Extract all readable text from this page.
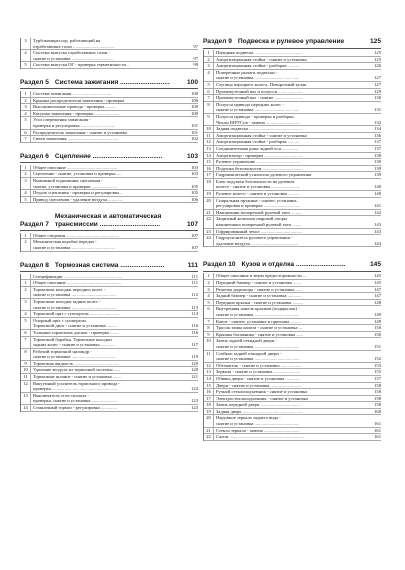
3	Турбокомпрессор, работающий на
отработавших газах ....................................	97
4	Система выпуска отработавших газов -
снятие и установка ....................................	97
5	Система выпуска ОГ - проверка герметичности ..	99
Раздел 5 Система зажигания ...........................	100
1	Система зажигания ..................................	100
2	Крышка распределителя зажигания - проверка	100
3	Высоковольтные провода - проверка .........	100
4	Катушка зажигания - проверка ......................	100
5	Угол опережения зажигания -
проверка и регулировка ..............................	101
6	Распределитель зажигания - снятие и установка	101
7	Свечи зажигания ............................................	102
Раздел 6 Сцепление ......................................	103
1	Общее описание ............................................	103
2	Сцепление - снятие, установка и проверка ....	103
3	Выжимной подшипник сцепления -
снятие, установка и проверка ......................	105
4	Педаль сцепления - проверка и регулировка ..	105
5	Привод сцепления - удаление воздуха ............	106
Раздел 7
Механическая и автоматическая
трансмиссии .................................	107
1	Общее сведения ..............................................	107
2	Механическая коробка передач -
снятие и установка ......................................	107
Раздел 8 Тормозная система ........................	111
Спецификации ...................................................	111
1	Общее описание ...............................................	111
2	Тормозные колодки передних колес -
снятие и установка .......................................	112
3	Тормозные колодки задних колес -
снятие и установка .......................................	113
4	Тормозной щит с суппортом ..........................	114
5	Опорный щит с суппортом.
Тормозной диск - снятие и установка .........	116
6	Толщина тормозных дисков - проверка .......	116
7	Тормозной барабан. Тормозные колодки
задних колес - снятие и установка .............	117
8	Рабочий тормозной цилиндр -
снятие и установка .......................................	119
9	Тормозная жидкость .......................................	120
10	Удаление воздуха из тормозной системы ......	120
11	Тормозные шланги - снятие и установка .......	121
12	Вакуумный усилитель тормозного привода -
проверка .........................................................	122
13	Выключатель стоп-сигнала -
проверка, снятие и установка ......................	123
14	Стояночный тормоз - регулировка ..............	123
Раздел 9 Подвеска и рулевое управление	125
1	Передняя подвеска ..........................................	125
2	Амортизационная стойка - снятие и установка	125
3	Амортизационная стойка - разборка ..........	126
4	Поперечные рычаги подвески -
снятие и установка .......................................	127
5	Ступица переднего колеса. Поворотный кулак	127
6	Промежуточный вал и полуоси ......................	129
7	Промежуточный вал - снятие ........................	130
8	Полуоси привода передних колес -
снятие и установка .......................................	131
9	Полуоси привода - проверка и разборка.
Чехлы ШРУСов - замена ..............................	132
10	Задняя подвеска ..............................................	134
11	Амортизационная стойка - снятие и установка	136
12	Амортизационная стойка - разборка ..........	137
13	Соединительная рама задней оси ..............	137
14	Амортизатор - проверка ..................................	138
15	Рулевое управление ......................................	139
16	Подушка безопасности ...................................	139
17	Гидравлический усилитель рулевого управления	139
18	Блок подушки безопасности на рулевом
колесе - снятие и установка .........................	140
19	Рулевое колесо - снятие и установка ..........	140
20	Спиральная пружина - снятие, установка,
регулировка и проверка ................................	141
21	Наконечник поперечной рулевой тяги .........	142
22	Защитный колпачок шаровой опоры
наконечника поперечной рулевой тяги ........	143
23	Гофрированный чехол ....................................	143
24	Гидроусилитель рулевого управления -
удаление воздуха .........................................	144
Раздел 10 Кузов и отделка ...........................	145
1	Общее описание и меры предосторожности ...	145
2	Передний бампер - снятие и установка .......	145
3	Решетка радиатора - снятие и установка ......	147
4	Задний бампер - снятие и установка ............	147
5	Передние крылья - снятие и установка .........	148
6	Внутренняя панель крыльев (подкрылок) -
снятие и установка .......................................	149
7	Капот - снятие, установка и пригонка .........	149
8	Тросик замка капота - снятие и установка ...	150
9	Крышка багажника - снятие и установка ......	150
10	Замок задней откидной двери -
снятие и установка .......................................	151
11	Стойкоп задней откидной двери -
снятие и установка .......................................	152
12	Обтекатель - снятие и установка ..................	153
13	Зеркала - снятие и установка .......................	155
14	Обивка двери - снятие и установка .............	157
15	Двери - снятие и установка ...........................	158
16	Ручной стеклоподъемник - снятие и установка	158
17	Электростеклоподъемник - снятие и установка	158
18	Замок передней двери ...................................	158
19	Задняя дверь .....................................................	160
20	Наружное зеркало заднего вида -
снятие и установка .......................................	161
21	Стекло зеркала - замена ...............................	161
22	Салон .................................................................	161
